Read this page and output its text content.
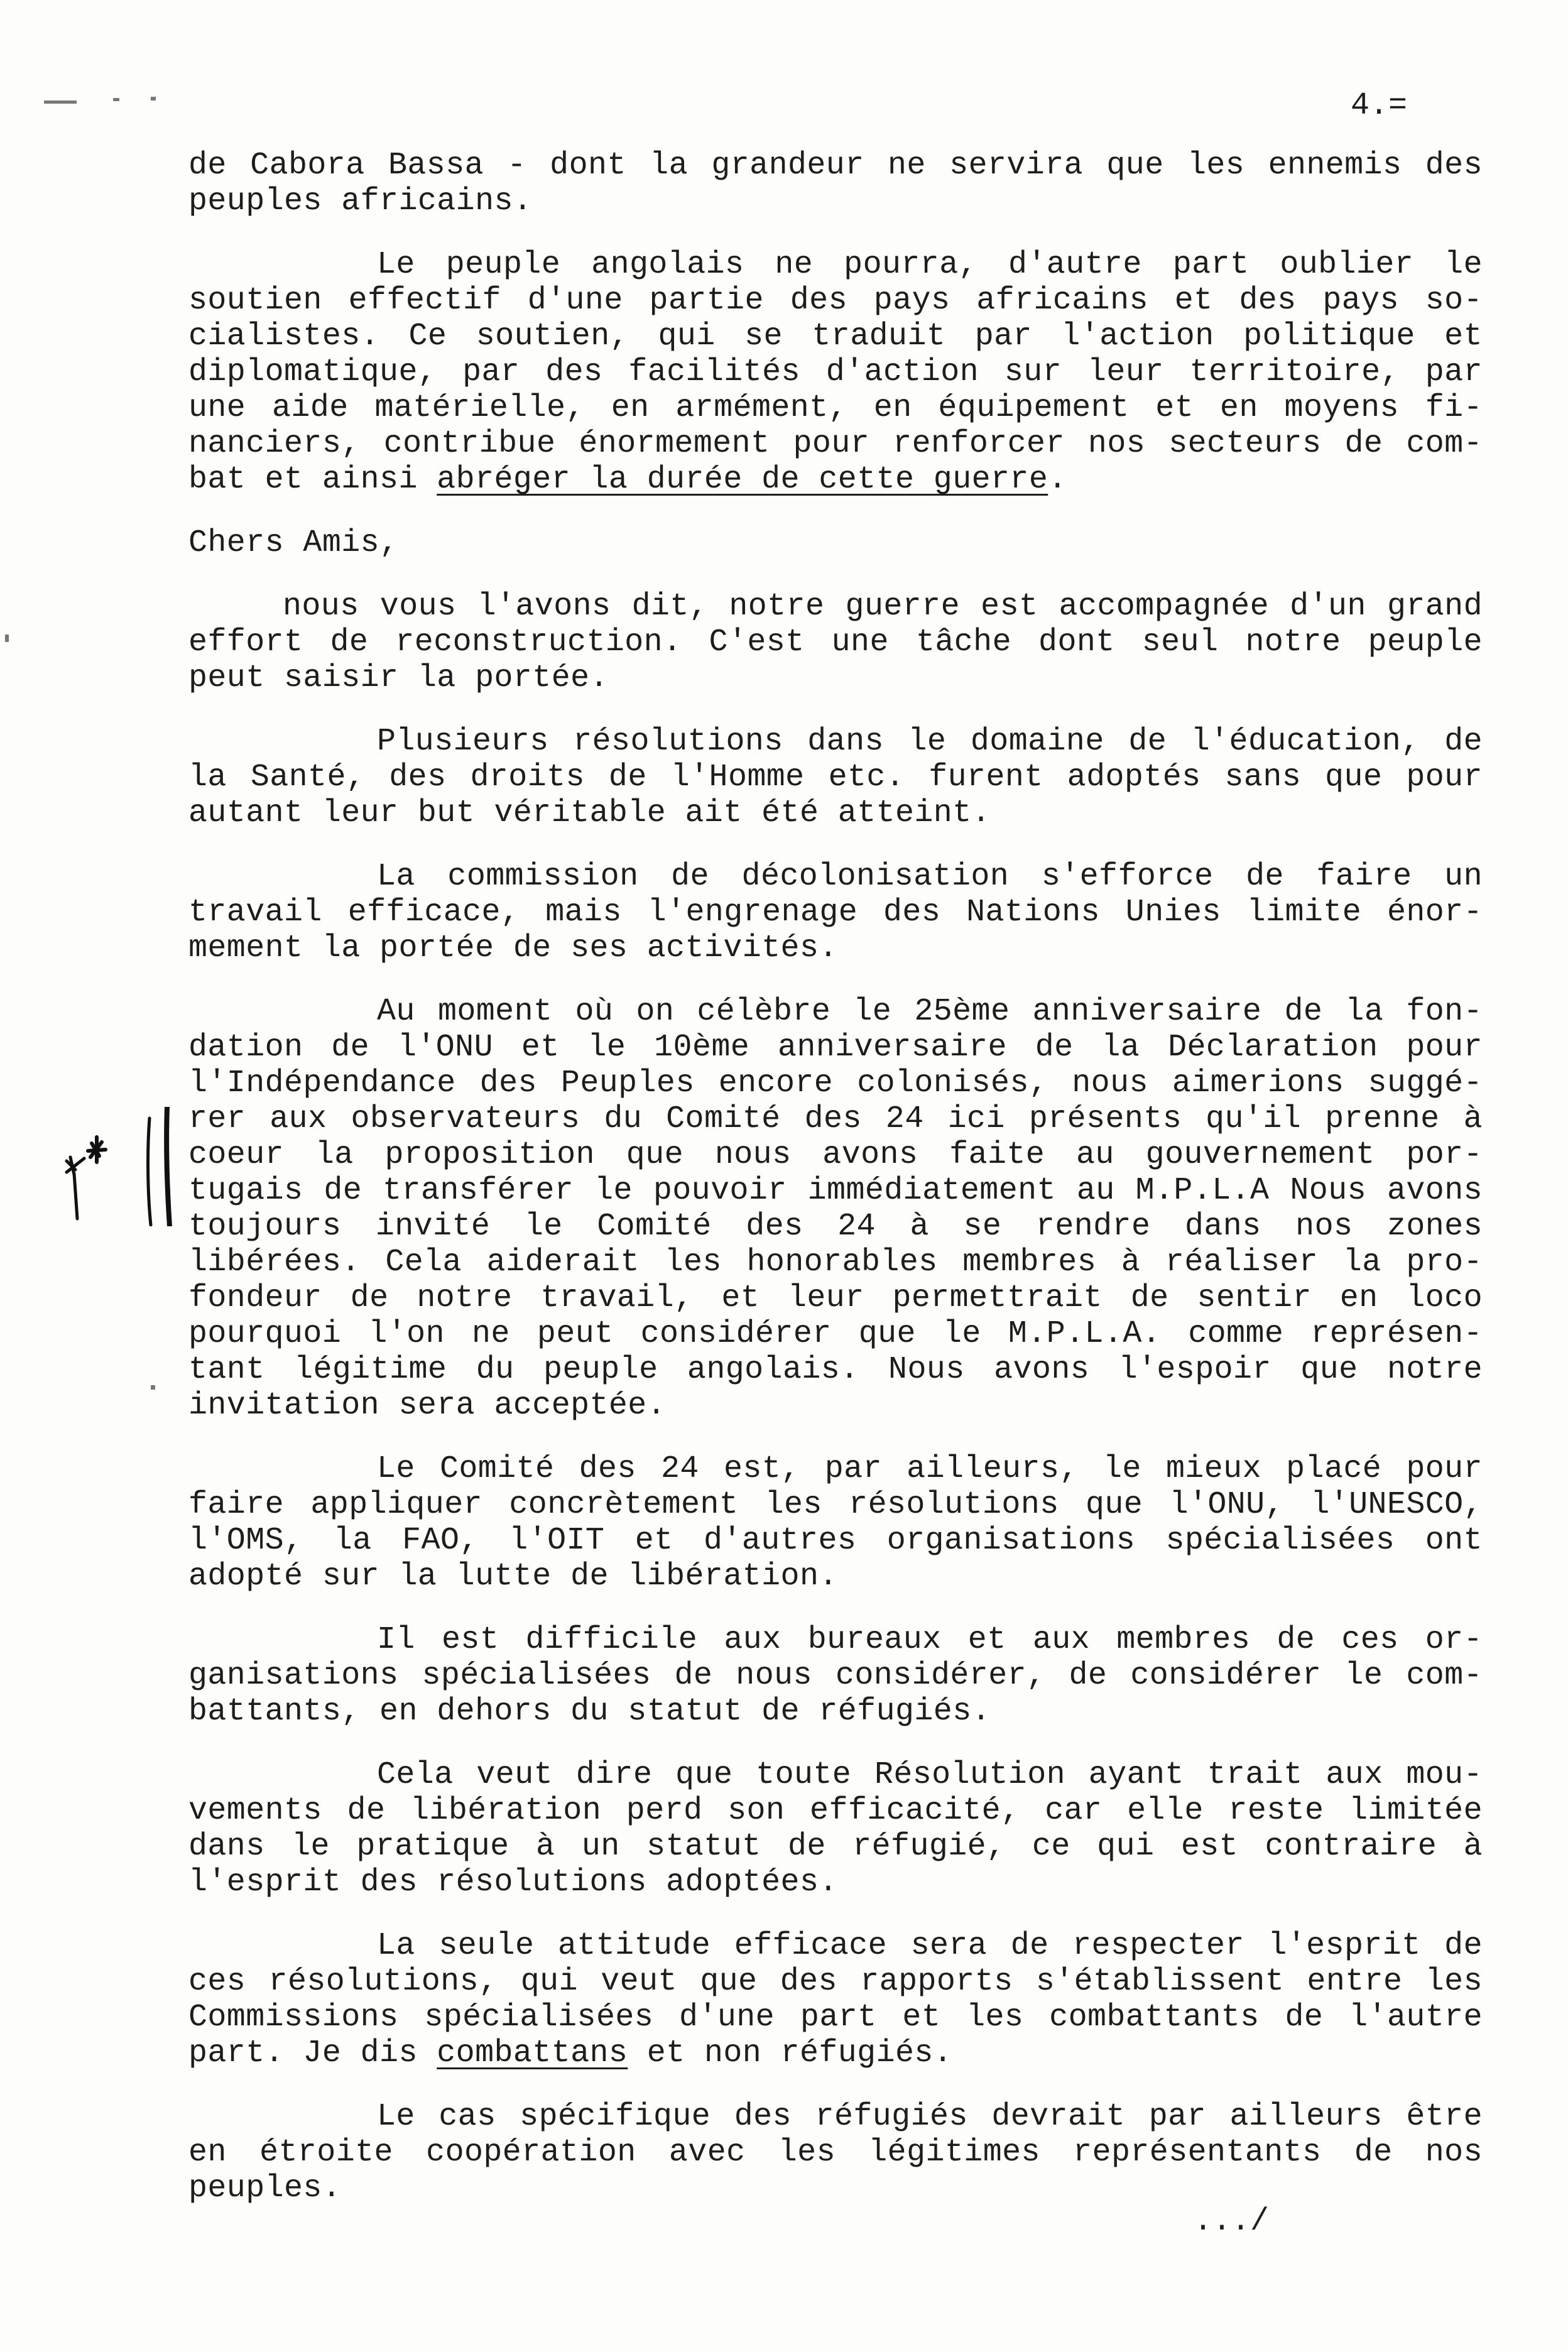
4.=

de Cabora Bassa - dont la grandeur ne servira que les ennemis des peuples africains.

Le peuple angolais ne pourra, d'autre part oublier le soutien effectif d'une partie des pays africains et des pays so- cialistes. Ce soutien, qui se traduit par l'action politique et diplomatique, par des facilités d'action sur leur territoire, par une aide matérielle, en armément, en équipement et en moyens fi- nanciers, contribue énormement pour renforcer nos secteurs de com- bat et ainsi abréger la durée de cette guerre.

Chers Amis,

nous vous l'avons dit, notre guerre est accompagnée d'un grand effort de reconstruction. C'est une tâche dont seul notre peuple peut saisir la portée.

Plusieurs résolutions dans le domaine de l'éducation, de la Santé, des droits de l'Homme etc. furent adoptés sans que pour autant leur but véritable ait été atteint.

La commission de décolonisation s'efforce de faire un travail efficace, mais l'engrenage des Nations Unies limite énor- mement la portée de ses activités.

Au moment où on célèbre le 25ème anniversaire de la fon- dation de l'ONU et le 10ème anniversaire de la Déclaration pour l'Indépendance des Peuples encore colonisés, nous aimerions suggé- rer aux observateurs du Comité des 24 ici présents qu'il prenne à coeur la proposition que nous avons faite au gouvernement por- tugais de transférer le pouvoir immédiatement au M.P.L.A Nous avons toujours invité le Comité des 24 à se rendre dans nos zones libérées. Cela aiderait les honorables membres à réaliser la pro- fondeur de notre travail, et leur permettrait de sentir en loco pourquoi l'on ne peut considérer que le M.P.L.A. comme représen- tant légitime du peuple angolais. Nous avons l'espoir que notre invitation sera acceptée.

Le Comité des 24 est, par ailleurs, le mieux placé pour faire appliquer concrètement les résolutions que l'ONU, l'UNESCO, l'OMS, la FAO, l'OIT et d'autres organisations spécialisées ont adopté sur la lutte de libération.

Il est difficile aux bureaux et aux membres de ces or- ganisations spécialisées de nous considérer, de considérer le com- battants, en dehors du statut de réfugiés.

Cela veut dire que toute Résolution ayant trait aux mou- vements de libération perd son efficacité, car elle reste limitée dans le pratique à un statut de réfugié, ce qui est contraire à l'esprit des résolutions adoptées.

La seule attitude efficace sera de respecter l'esprit de ces résolutions, qui veut que des rapports s'établissent entre les Commissions spécialisées d'une part et les combattants de l'autre part. Je dis combattans et non réfugiés.

Le cas spécifique des réfugiés devrait par ailleurs être en étroite coopération avec les légitimes représentants de nos peuples.

.../
